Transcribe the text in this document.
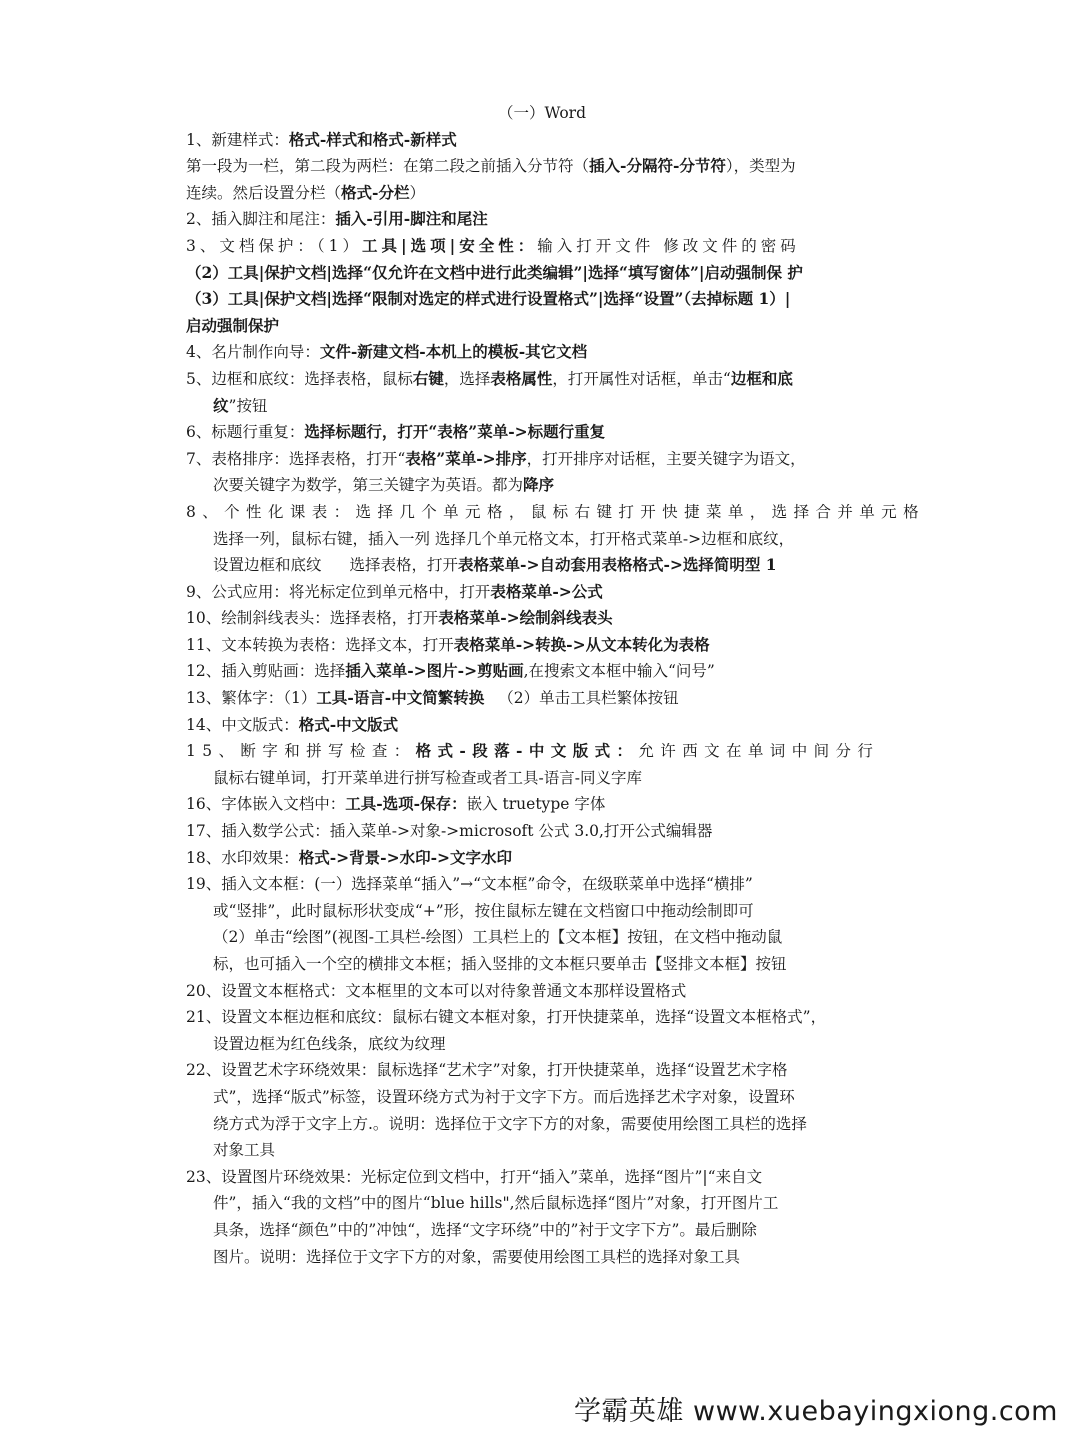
（一）Word
1、新建样式：格式-样式和格式-新样式
第一段为一栏，第二段为两栏：在第二段之前插入分节符（插入-分隔符-分节符），类型为
连续。然后设置分栏（格式-分栏）
2、插入脚注和尾注：插入-引用-脚注和尾注
3、文档保护：（1）工具|选项|安全性：输入打开文件 修改文件的密码
（2）工具|保护文档|选择“仅允许在文档中进行此类编辑”|选择“填写窗体”|启动强制保 护
（3）工具|保护文档|选择“限制对选定的样式进行设置格式”|选择“设置”（去掉标题 1）|
启动强制保护
4、名片制作向导：文件-新建文档-本机上的模板-其它文档
5、边框和底纹：选择表格，鼠标右键，选择表格属性，打开属性对话框，单击“边框和底
纹”按钮
6、标题行重复：选择标题行，打开“表格”菜单->标题行重复
7、表格排序：选择表格，打开“表格”菜单->排序，打开排序对话框，主要关键字为语文，
次要关键字为数学，第三关键字为英语。都为降序
8、个性化课表：选择几个单元格，鼠标右键打开快捷菜单，选择合并单元格
选择一列，鼠标右键，插入一列 选择几个单元格文本，打开格式菜单->边框和底纹，
设置边框和底纹 选择表格，打开表格菜单->自动套用表格格式->选择简明型 1
9、公式应用：将光标定位到单元格中，打开表格菜单->公式
10、绘制斜线表头：选择表格，打开表格菜单->绘制斜线表头
11、文本转换为表格：选择文本，打开表格菜单->转换->从文本转化为表格
12、插入剪贴画：选择插入菜单->图片->剪贴画,在搜索文本框中输入“问号”
13、繁体字：（1）工具-语言-中文简繁转换 （2）单击工具栏繁体按钮
14、中文版式：格式-中文版式
15、断字和拼写检查：格式-段落-中文版式：允许西文在单词中间分行
鼠标右键单词，打开菜单进行拼写检查或者工具-语言-同义字库
16、字体嵌入文档中：工具-选项-保存：嵌入 truetype 字体
17、插入数学公式：插入菜单->对象->microsoft 公式 3.0,打开公式编辑器
18、水印效果：格式->背景->水印->文字水印
19、插入文本框：(一）选择菜单“插入”→“文本框”命令，在级联菜单中选择“横排”
或“竖排”，此时鼠标形状变成“+”形，按住鼠标左键在文档窗口中拖动绘制即可
（2）单击“绘图”(视图-工具栏-绘图）工具栏上的【文本框】按钮，在文档中拖动鼠
标，也可插入一个空的横排文本框；插入竖排的文本框只要单击【竖排文本框】按钮
20、设置文本框格式：文本框里的文本可以对待象普通文本那样设置格式
21、设置文本框边框和底纹：鼠标右键文本框对象，打开快捷菜单，选择“设置文本框格式”，
设置边框为红色线条，底纹为纹理
22、设置艺术字环绕效果：鼠标选择“艺术字”对象，打开快捷菜单，选择“设置艺术字格
式”，选择“版式”标签，设置环绕方式为衬于文字下方。而后选择艺术字对象，设置环
绕方式为浮于文字上方.。说明：选择位于文字下方的对象，需要使用绘图工具栏的选择
对象工具
23、设置图片环绕效果：光标定位到文档中，打开“插入”菜单，选择“图片”|“来自文
件”，插入“我的文档”中的图片“blue hills",然后鼠标选择“图片”对象，打开图片工
具条，选择“颜色”中的”冲蚀“，选择“文字环绕”中的”衬于文字下方”。最后删除
图片。说明：选择位于文字下方的对象，需要使用绘图工具栏的选择对象工具
学霸英雄 www.xuebayingxiong.com
